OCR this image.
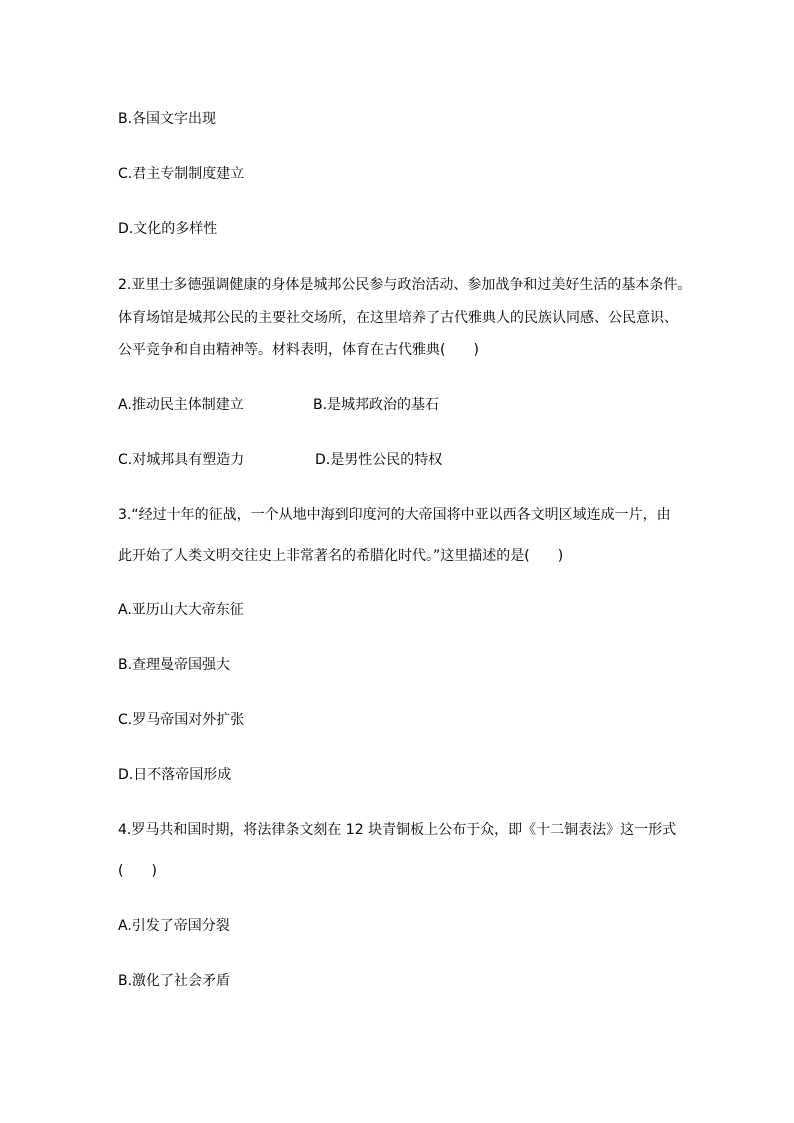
B.各国文字出现

C.君主专制制度建立

D.文化的多样性

2.亚里士多德强调健康的身体是城邦公民参与政治活动、参加战争和过美好生活的基本条件。

体育场馆是城邦公民的主要社交场所，在这里培养了古代雅典人的民族认同感、公民意识、

公平竞争和自由精神等。材料表明，体育在古代雅典(　　)

A.推动民主体制建立	B.是城邦政治的基石
C.对城邦具有塑造力	D.是男性公民的特权

3.“经过十年的征战，一个从地中海到印度河的大帝国将中亚以西各文明区域连成一片，由

此开始了人类文明交往史上非常著名的希腊化时代。”这里描述的是(　　)

A.亚历山大大帝东征

B.查理曼帝国强大

C.罗马帝国对外扩张

D.日不落帝国形成

4.罗马共和国时期，将法律条文刻在 12 块青铜板上公布于众，即《十二铜表法》这一形式

(　　)

A.引发了帝国分裂

B.激化了社会矛盾
